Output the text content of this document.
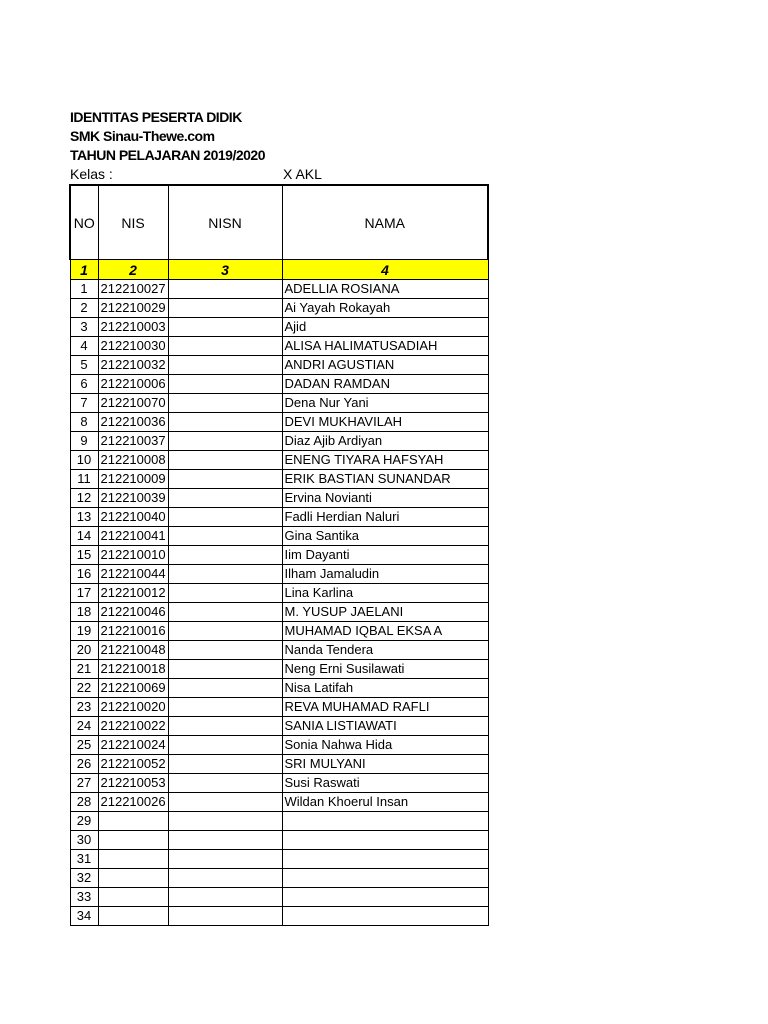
IDENTITAS PESERTA DIDIK
SMK Sinau-Thewe.com
TAHUN PELAJARAN 2019/2020
Kelas :	X AKL
NO	NIS	NISN	NAMA
1	2	3	4
1	212210027		ADELLIA ROSIANA
2	212210029		Ai Yayah Rokayah
3	212210003		Ajid
4	212210030		ALISA HALIMATUSADIAH
5	212210032		ANDRI AGUSTIAN
6	212210006		DADAN RAMDAN
7	212210070		Dena Nur Yani
8	212210036		DEVI MUKHAVILAH
9	212210037		Diaz Ajib Ardiyan
10	212210008		ENENG TIYARA HAFSYAH
11	212210009		ERIK BASTIAN SUNANDAR
12	212210039		Ervina Novianti
13	212210040		Fadli Herdian Naluri
14	212210041		Gina Santika
15	212210010		Iim Dayanti
16	212210044		Ilham Jamaludin
17	212210012		Lina Karlina
18	212210046		M. YUSUP JAELANI
19	212210016		MUHAMAD IQBAL EKSA A
20	212210048		Nanda Tendera
21	212210018		Neng Erni Susilawati
22	212210069		Nisa Latifah
23	212210020		REVA MUHAMAD RAFLI
24	212210022		SANIA LISTIAWATI
25	212210024		Sonia Nahwa Hida
26	212210052		SRI MULYANI
27	212210053		Susi Raswati
28	212210026		Wildan Khoerul Insan
29			
30			
31			
32			
33			
34			
